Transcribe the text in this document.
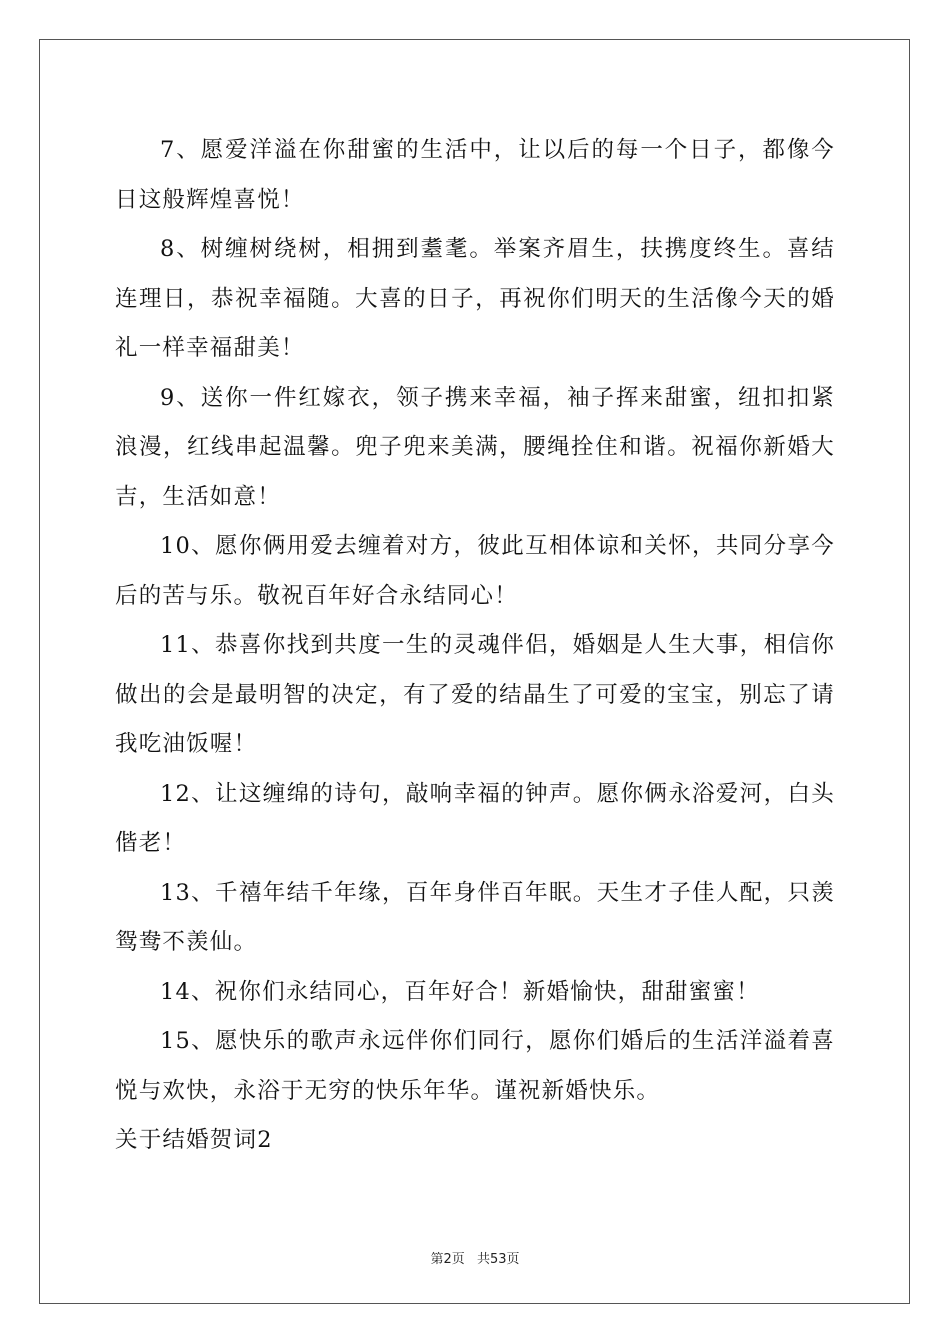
7、愿爱洋溢在你甜蜜的生活中，让以后的每一个日子，都像今日这般辉煌喜悦！

8、树缠树绕树，相拥到耋耄。举案齐眉生，扶携度终生。喜结连理日，恭祝幸福随。大喜的日子，再祝你们明天的生活像今天的婚礼一样幸福甜美！

9、送你一件红嫁衣，领子携来幸福，袖子挥来甜蜜，纽扣扣紧浪漫，红线串起温馨。兜子兜来美满，腰绳拴住和谐。祝福你新婚大吉，生活如意！

10、愿你俩用爱去缠着对方，彼此互相体谅和关怀，共同分享今后的苦与乐。敬祝百年好合永结同心！

11、恭喜你找到共度一生的灵魂伴侣，婚姻是人生大事，相信你做出的会是最明智的决定，有了爱的结晶生了可爱的宝宝，别忘了请我吃油饭喔！

12、让这缠绵的诗句，敲响幸福的钟声。愿你俩永浴爱河，白头偕老！

13、千禧年结千年缘，百年身伴百年眠。天生才子佳人配，只羡鸳鸯不羡仙。

14、祝你们永结同心，百年好合！新婚愉快，甜甜蜜蜜！

15、愿快乐的歌声永远伴你们同行，愿你们婚后的生活洋溢着喜悦与欢快，永浴于无穷的快乐年华。谨祝新婚快乐。

关于结婚贺词2

第2页 共53页
